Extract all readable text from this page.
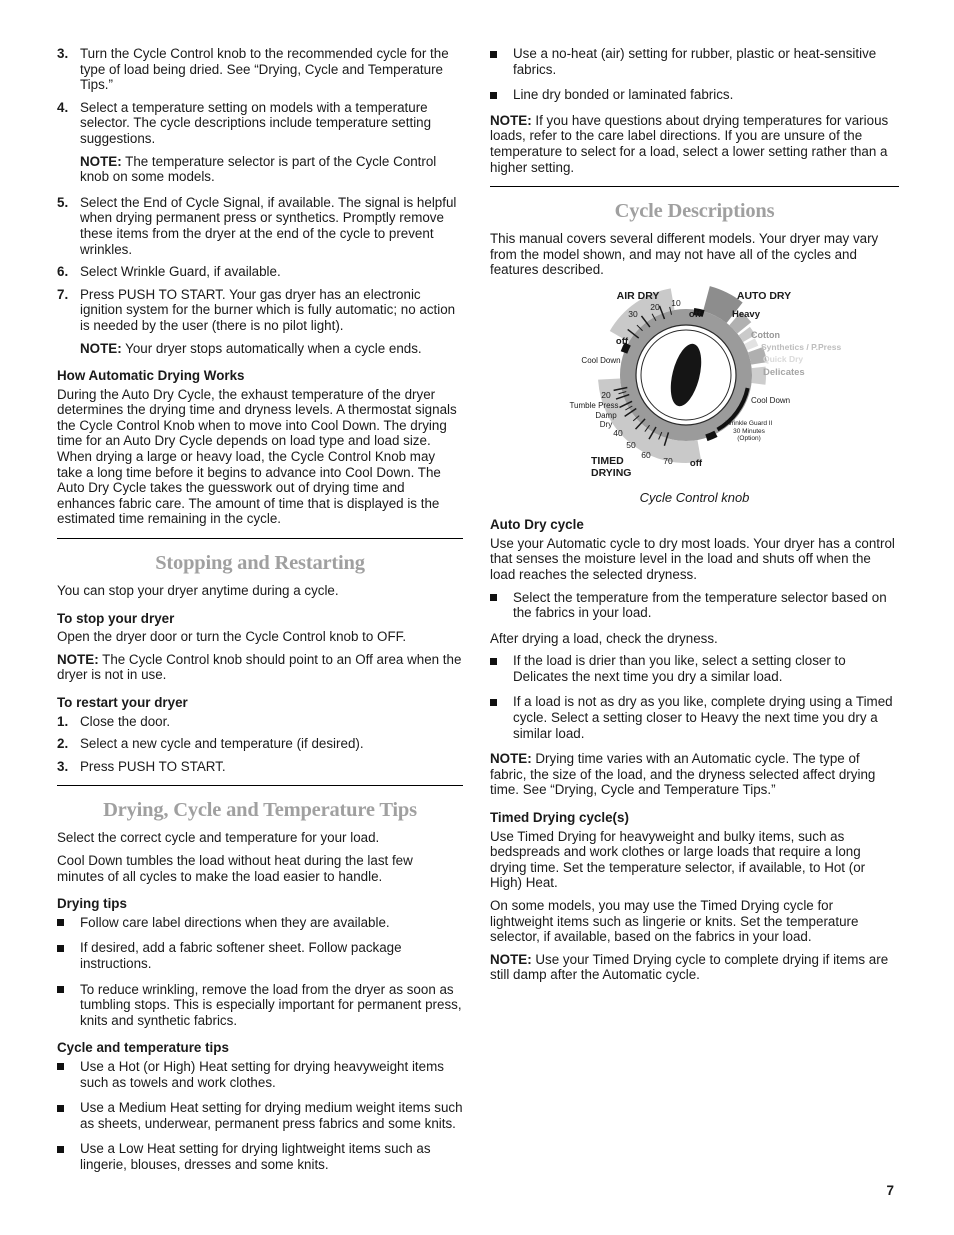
3. Turn the Cycle Control knob to the recommended cycle for the type of load being dried. See “Drying, Cycle and Temperature Tips.”
4. Select a temperature setting on models with a temperature selector. The cycle descriptions include temperature setting suggestions.

NOTE: The temperature selector is part of the Cycle Control knob on some models.

5. Select the End of Cycle Signal, if available. The signal is helpful when drying permanent press or synthetics. Promptly remove these items from the dryer at the end of the cycle to prevent wrinkles.
6. Select Wrinkle Guard, if available.
7. Press PUSH TO START. Your gas dryer has an electronic ignition system for the burner which is fully automatic; no action is needed by the user (there is no pilot light).

NOTE: Your dryer stops automatically when a cycle ends.

How Automatic Drying Works

During the Auto Dry Cycle, the exhaust temperature of the dryer determines the drying time and dryness levels. A thermostat signals the Cycle Control Knob when to move into Cool Down. The drying time for an Auto Dry Cycle depends on load type and load size. When drying a large or heavy load, the Cycle Control Knob may take a long time before it begins to advance into Cool Down. The Auto Dry Cycle takes the guesswork out of drying time and enhances fabric care. The amount of time that is displayed is the estimated time remaining in the cycle.

Stopping and Restarting

You can stop your dryer anytime during a cycle.

To stop your dryer

Open the dryer door or turn the Cycle Control knob to OFF.

NOTE: The Cycle Control knob should point to an Off area when the dryer is not in use.

To restart your dryer
1. Close the door.
2. Select a new cycle and temperature (if desired).
3. Press PUSH TO START.
Drying, Cycle and Temperature Tips

Select the correct cycle and temperature for your load.

Cool Down tumbles the load without heat during the last few minutes of all cycles to make the load easier to handle.

Drying tips
Follow care label directions when they are available.
If desired, add a fabric softener sheet. Follow package instructions.
To reduce wrinkling, remove the load from the dryer as soon as tumbling stops. This is especially important for permanent press, knits and synthetic fabrics.
Cycle and temperature tips
Use a Hot (or High) Heat setting for drying heavyweight items such as towels and work clothes.
Use a Medium Heat setting for drying medium weight items such as sheets, underwear, permanent press fabrics and some knits.
Use a Low Heat setting for drying lightweight items such as lingerie, blouses, dresses and some knits.
Use a no-heat (air) setting for rubber, plastic or heat-sensitive fabrics.
Line dry bonded or laminated fabrics.

NOTE: If you have questions about drying temperatures for various loads, refer to the care label directions. If you are unsure of the temperature to select for a load, select a lower setting rather than a higher setting.

Cycle Descriptions

This manual covers several different models. Your dryer may vary from the model shown, and may not have all of the cycles and features described.

AIR DRY	AUTO DRY
30
20 10
off
off
Cool Down
20
Tumble Press
Damp
Dry
40
50
60
70
TIMED
DRYING
Heavy
Cotton
Synthetics / P.Press
Quick Dry
Delicates
Cool Down
Wrinkle Guard II
30 Minutes
(Option)
off
Cycle Control knob
Auto Dry cycle

Use your Automatic cycle to dry most loads. Your dryer has a control that senses the moisture level in the load and shuts off when the load reaches the selected dryness.

Select the temperature from the temperature selector based on the fabrics in your load.

After drying a load, check the dryness.

If the load is drier than you like, select a setting closer to Delicates the next time you dry a similar load.
If a load is not as dry as you like, complete drying using a Timed cycle. Select a setting closer to Heavy the next time you dry a similar load.

NOTE: Drying time varies with an Automatic cycle. The type of fabric, the size of the load, and the dryness selected affect drying time. See “Drying, Cycle and Temperature Tips.”

Timed Drying cycle(s)

Use Timed Drying for heavyweight and bulky items, such as bedspreads and work clothes or large loads that require a long drying time. Set the temperature selector, if available, to Hot (or High) Heat.

On some models, you may use the Timed Drying cycle for lightweight items such as lingerie or knits. Set the temperature selector, if available, based on the fabrics in your load.

NOTE: Use your Timed Drying cycle to complete drying if items are still damp after the Automatic cycle.

7
